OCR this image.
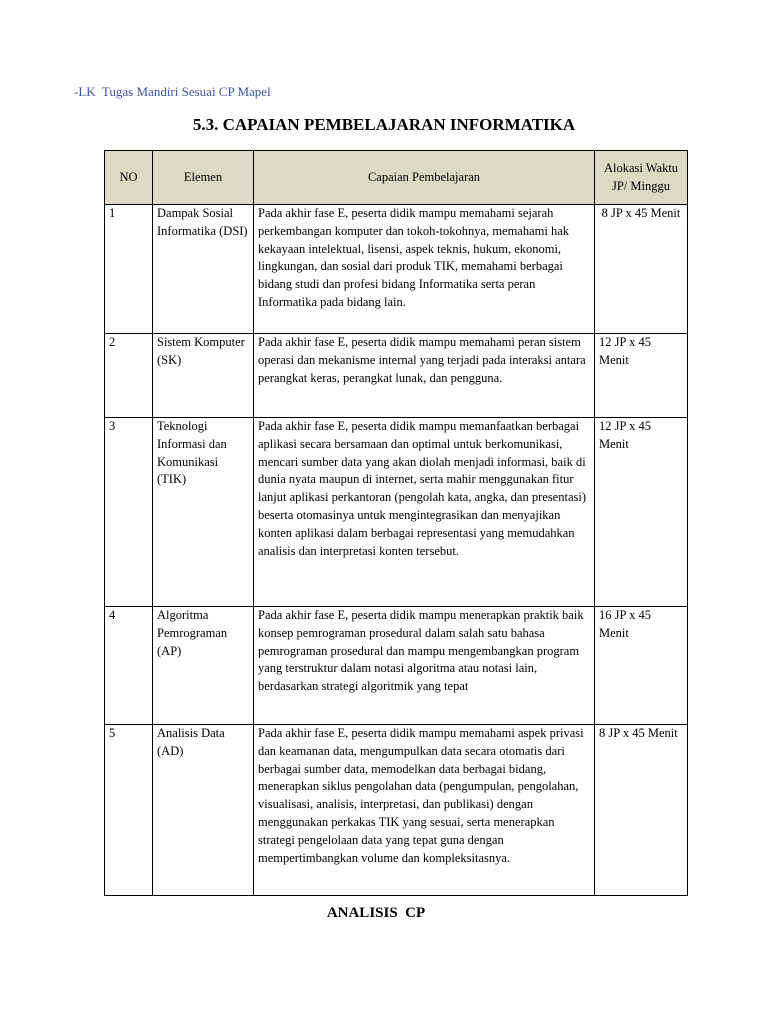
-LK  Tugas Mandiri Sesuai CP Mapel
5.3. CAPAIAN PEMBELAJARAN INFORMATIKA
NO	Elemen	Capaian Pembelajaran	Alokasi Waktu JP/ Minggu
1	Dampak Sosial Informatika (DSI)	Pada akhir fase E, peserta didik mampu memahami sejarah perkembangan komputer dan tokoh-tokohnya, memahami hak kekayaan intelektual, lisensi, aspek teknis, hukum, ekonomi, lingkungan, dan sosial dari produk TIK, memahami berbagai bidang studi dan profesi bidang Informatika serta peran Informatika pada bidang lain.	8 JP x 45 Menit
2	Sistem Komputer (SK)	Pada akhir fase E, peserta didik mampu memahami peran sistem operasi dan mekanisme internal yang terjadi pada interaksi antara perangkat keras, perangkat lunak, dan pengguna.	12 JP x 45 Menit
3	Teknologi Informasi dan Komunikasi (TIK)	Pada akhir fase E, peserta didik mampu memanfaatkan berbagai aplikasi secara bersamaan dan optimal untuk berkomunikasi, mencari sumber data yang akan diolah menjadi informasi, baik di dunia nyata maupun di internet, serta mahir menggunakan fitur lanjut aplikasi perkantoran (pengolah kata, angka, dan presentasi) beserta otomasinya untuk mengintegrasikan dan menyajikan konten aplikasi dalam berbagai representasi yang memudahkan analisis dan interpretasi konten tersebut.	12 JP x 45 Menit
4	Algoritma Pemrograman (AP)	Pada akhir fase E, peserta didik mampu menerapkan praktik baik konsep pemrograman prosedural dalam salah satu bahasa pemrograman prosedural dan mampu mengembangkan program yang terstruktur dalam notasi algoritma atau notasi lain, berdasarkan strategi algoritmik yang tepat	16 JP x 45 Menit
5	Analisis Data (AD)	Pada akhir fase E, peserta didik mampu memahami aspek privasi dan keamanan data, mengumpulkan data secara otomatis dari berbagai sumber data, memodelkan data berbagai bidang, menerapkan siklus pengolahan data (pengumpulan, pengolahan, visualisasi, analisis, interpretasi, dan publikasi) dengan menggunakan perkakas TIK yang sesuai, serta menerapkan strategi pengelolaan data yang tepat guna dengan mempertimbangkan volume dan kompleksitasnya.	8 JP x 45 Menit
ANALISIS  CP
